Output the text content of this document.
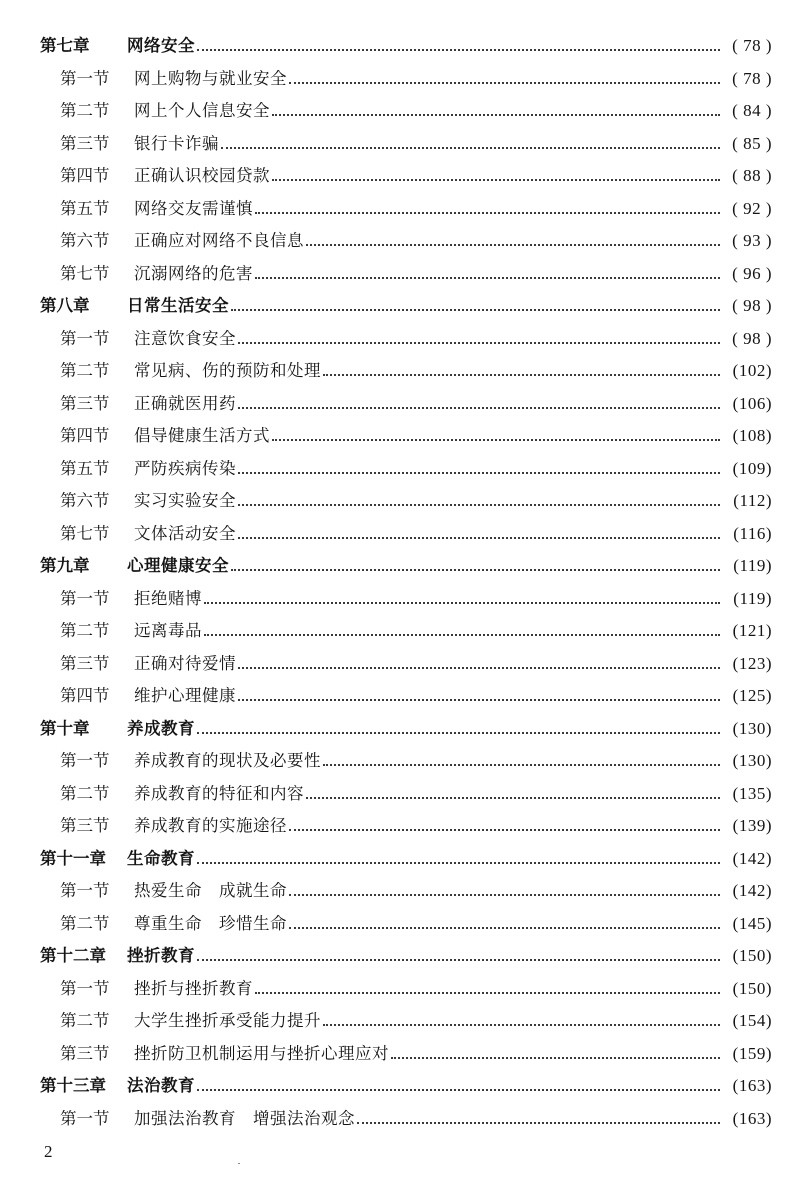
第七章	网络安全	( 78 )
第一节	网上购物与就业安全	( 78 )
第二节	网上个人信息安全	( 84 )
第三节	银行卡诈骗	( 85 )
第四节	正确认识校园贷款	( 88 )
第五节	网络交友需谨慎	( 92 )
第六节	正确应对网络不良信息	( 93 )
第七节	沉溺网络的危害	( 96 )
第八章	日常生活安全	( 98 )
第一节	注意饮食安全	( 98 )
第二节	常见病、伤的预防和处理	(102)
第三节	正确就医用药	(106)
第四节	倡导健康生活方式	(108)
第五节	严防疾病传染	(109)
第六节	实习实验安全	(112)
第七节	文体活动安全	(116)
第九章	心理健康安全	(119)
第一节	拒绝赌博	(119)
第二节	远离毒品	(121)
第三节	正确对待爱情	(123)
第四节	维护心理健康	(125)
第十章	养成教育	(130)
第一节	养成教育的现状及必要性	(130)
第二节	养成教育的特征和内容	(135)
第三节	养成教育的实施途径	(139)
第十一章	生命教育	(142)
第一节	热爱生命　成就生命	(142)
第二节	尊重生命　珍惜生命	(145)
第十二章	挫折教育	(150)
第一节	挫折与挫折教育	(150)
第二节	大学生挫折承受能力提升	(154)
第三节	挫折防卫机制运用与挫折心理应对	(159)
第十三章	法治教育	(163)
第一节	加强法治教育　增强法治观念	(163)
2
